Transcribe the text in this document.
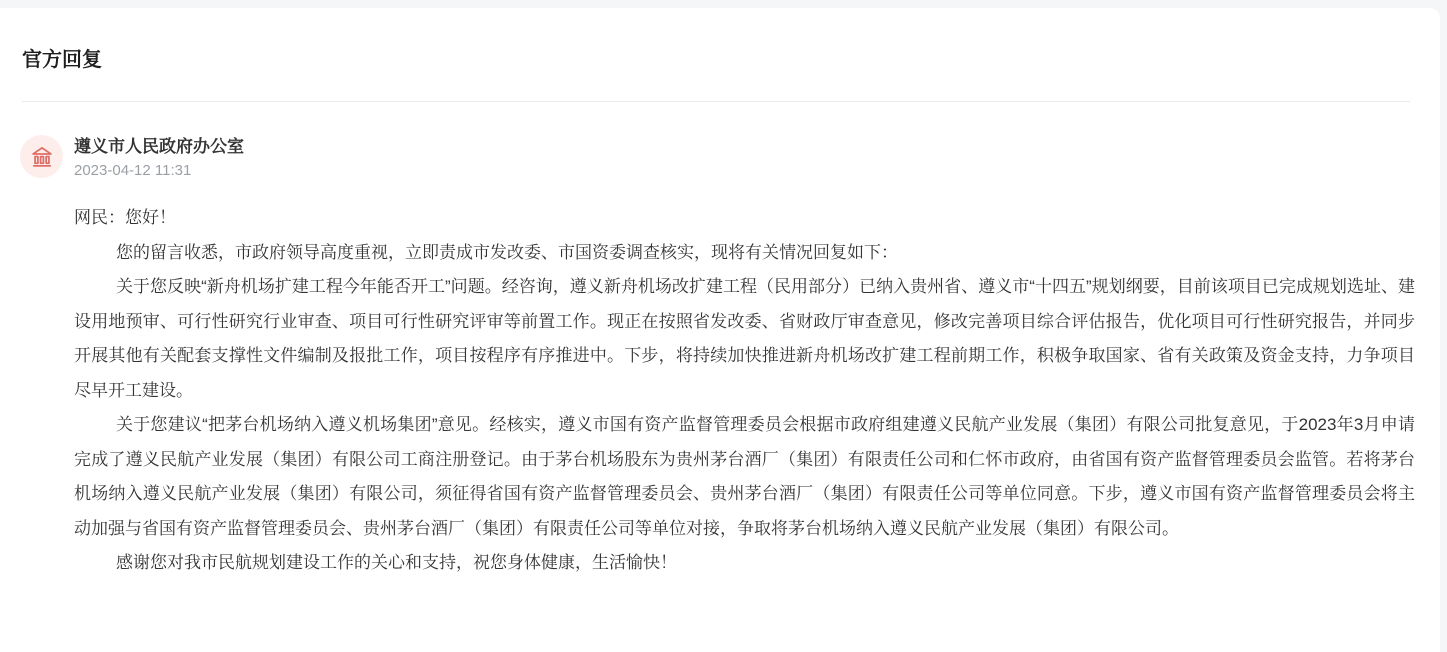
官方回复
遵义市人民政府办公室
2023-04-12 11:31

网民：您好！

您的留言收悉，市政府领导高度重视，立即责成市发改委、市国资委调查核实，现将有关情况回复如下：

关于您反映“新舟机场扩建工程今年能否开工”问题。经咨询，遵义新舟机场改扩建工程（民用部分）已纳入贵州省、遵义市“十四五”规划纲要，目前该项目已完成规划选址、建设用地预审、可行性研究行业审查、项目可行性研究评审等前置工作。现正在按照省发改委、省财政厅审查意见，修改完善项目综合评估报告，优化项目可行性研究报告，并同步开展其他有关配套支撑性文件编制及报批工作，项目按程序有序推进中。下步，将持续加快推进新舟机场改扩建工程前期工作，积极争取国家、省有关政策及资金支持，力争项目尽早开工建设。

关于您建议“把茅台机场纳入遵义机场集团”意见。经核实，遵义市国有资产监督管理委员会根据市政府组建遵义民航产业发展（集团）有限公司批复意见，于2023年3月申请完成了遵义民航产业发展（集团）有限公司工商注册登记。由于茅台机场股东为贵州茅台酒厂（集团）有限责任公司和仁怀市政府，由省国有资产监督管理委员会监管。若将茅台机场纳入遵义民航产业发展（集团）有限公司，须征得省国有资产监督管理委员会、贵州茅台酒厂（集团）有限责任公司等单位同意。下步，遵义市国有资产监督管理委员会将主动加强与省国有资产监督管理委员会、贵州茅台酒厂（集团）有限责任公司等单位对接，争取将茅台机场纳入遵义民航产业发展（集团）有限公司。

感谢您对我市民航规划建设工作的关心和支持，祝您身体健康，生活愉快！
